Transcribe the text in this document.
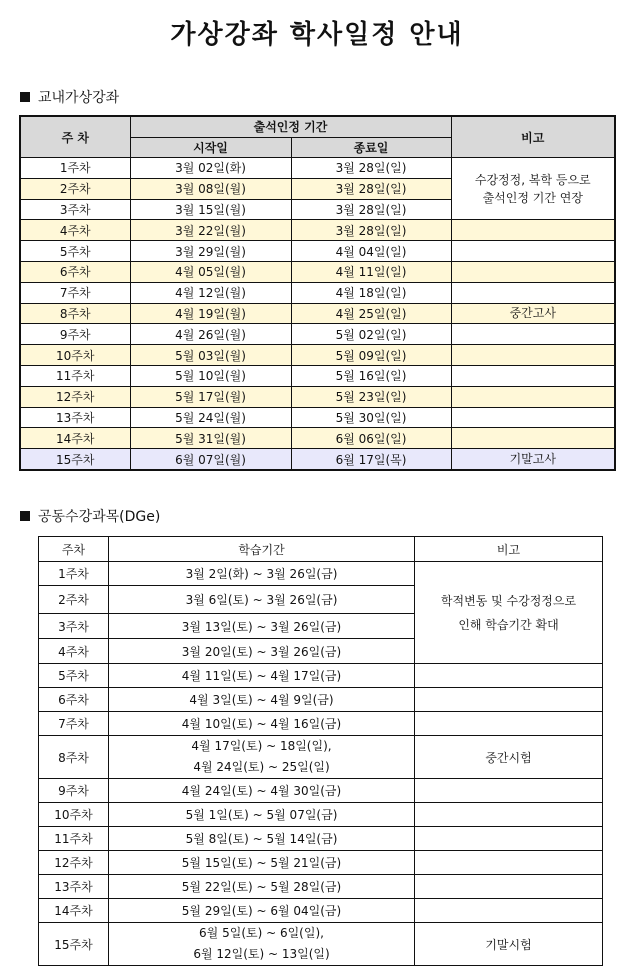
가상강좌 학사일정 안내
교내가상강좌
주 차	출석인정 기간		비고
	시작일	종료일	
1주차	3월 02일(화)	3월 28일(일)	수강정정, 복학 등으로
출석인정 기간 연장

2주차	3월 08일(월)	3월 28일(일)	
3주차	3월 15일(월)	3월 28일(일)	
4주차	3월 22일(월)	3월 28일(일)	
5주차	3월 29일(월)	4월 04일(일)	
6주차	4월 05일(월)	4월 11일(일)	
7주차	4월 12일(월)	4월 18일(일)	
8주차	4월 19일(월)	4월 25일(일)	중간고사
9주차	4월 26일(월)	5월 02일(일)	
10주차	5월 03일(월)	5월 09일(일)	
11주차	5월 10일(월)	5월 16일(일)	
12주차	5월 17일(월)	5월 23일(일)	
13주차	5월 24일(월)	5월 30일(일)	
14주차	5월 31일(월)	6월 06일(일)	
15주차	6월 07일(월)	6월 17일(목)	기말고사
공동수강과목(DGe)
주차	학습기간	비고
1주차	3월 2일(화) ~ 3월 26일(금)	학적변동 및 수강정정으로
인해 학습기간 확대

2주차	3월 6일(토) ~ 3월 26일(금)	
3주차	3월 13일(토) ~ 3월 26일(금)	
4주차	3월 20일(토) ~ 3월 26일(금)	
5주차	4월 11일(토) ~ 4월 17일(금)	
6주차	4월 3일(토) ~ 4월 9일(금)	
7주차	4월 10일(토) ~ 4월 16일(금)	
8주차	4월 17일(토) ~ 18일(일),
4월 24일(토) ~ 25일(일)	중간시험
9주차	4월 24일(토) ~ 4월 30일(금)	
10주차	5월 1일(토) ~ 5월 07일(금)	
11주차	5월 8일(토) ~ 5월 14일(금)	
12주차	5월 15일(토) ~ 5월 21일(금)	
13주차	5월 22일(토) ~ 5월 28일(금)	
14주차	5월 29일(토) ~ 6월 04일(금)	
15주차	6월 5일(토) ~ 6일(일),
6월 12일(토) ~ 13일(일)	기말시험
